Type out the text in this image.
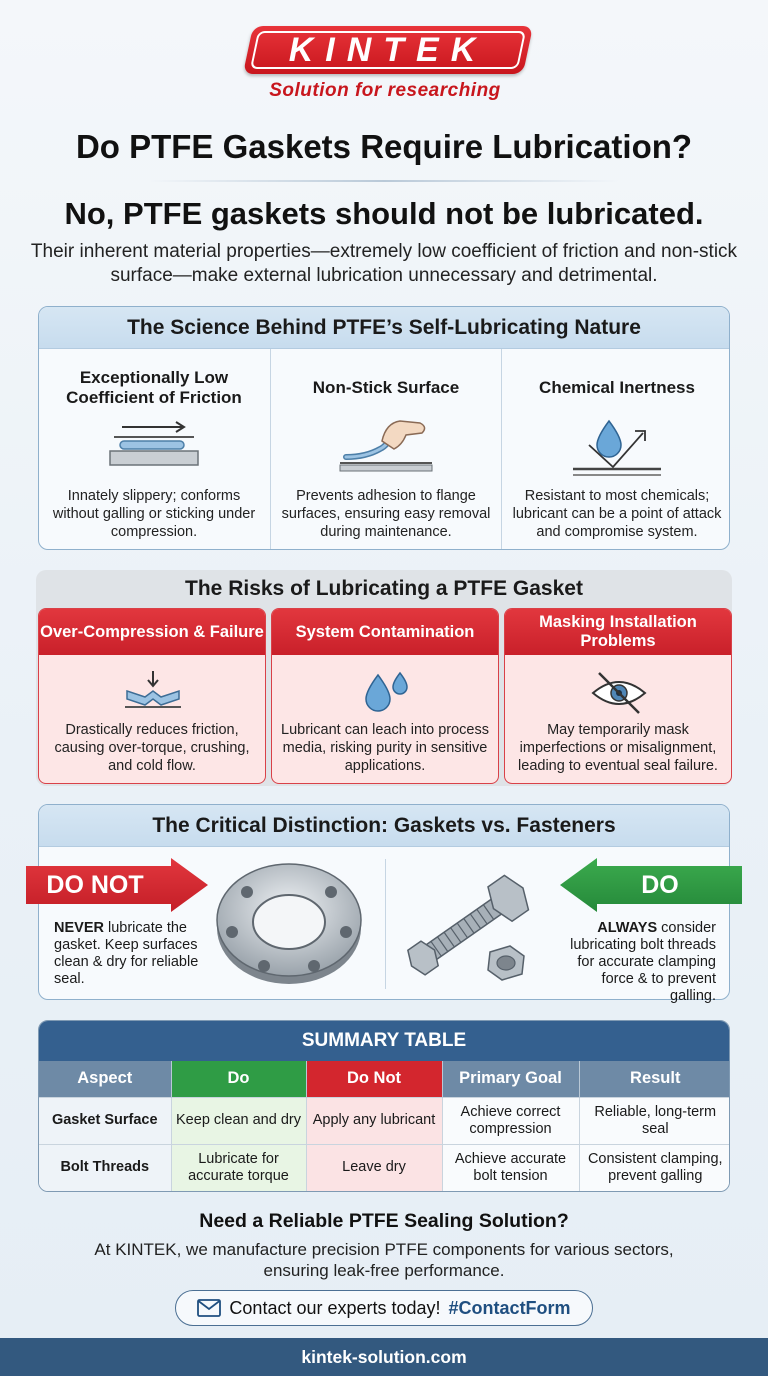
KINTEK
Solution for researching
Do PTFE Gaskets Require Lubrication?
No, PTFE gaskets should not be lubricated.

Their inherent material properties—extremely low coefficient of friction and non-stick surface—make external lubrication unnecessary and detrimental.

The Science Behind PTFE’s Self-Lubricating Nature
Exceptionally Low Coefficient of Friction

Innately slippery; conforms without galling or sticking under compression.

Non-Stick Surface

Prevents adhesion to flange surfaces, ensuring easy removal during maintenance.

Chemical Inertness

Resistant to most chemicals; lubricant can be a point of attack and compromise system.

The Risks of Lubricating a PTFE Gasket
Over-Compression & Failure

Drastically reduces friction, causing over-torque, crushing, and cold flow.

System Contamination

Lubricant can leach into process media, risking purity in sensitive applications.

Masking Installation Problems

May temporarily mask imperfections or misalignment, leading to eventual seal failure.

The Critical Distinction: Gaskets vs. Fasteners
DO NOT

NEVER lubricate the gasket. Keep surfaces clean & dry for reliable seal.

DO

ALWAYS consider lubricating bolt threads for accurate clamping force & to prevent galling.

SUMMARY TABLE
Aspect	Do	Do Not	Primary Goal	Result
Gasket Surface	Keep clean and dry	Apply any lubricant	Achieve correct compression	Reliable, long-term seal
Bolt Threads	Lubricate for accurate torque	Leave dry	Achieve accurate bolt tension	Consistent clamping, prevent galling
Need a Reliable PTFE Sealing Solution?

At KINTEK, we manufacture precision PTFE components for various sectors, ensuring leak-free performance.

Contact our experts today! #ContactForm
kintek-solution.com
